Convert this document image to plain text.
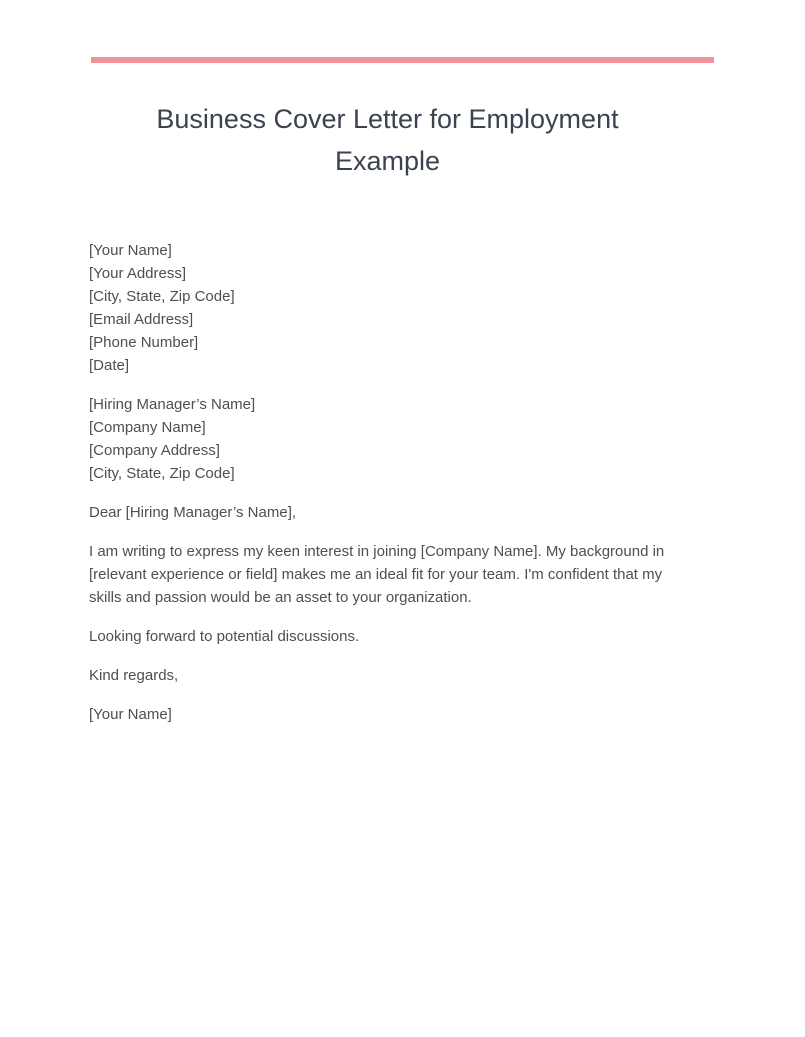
Business Cover Letter for Employment
Example

[Your Name]
[Your Address]
[City, State, Zip Code]
[Email Address]
[Phone Number]
[Date]

[Hiring Manager’s Name]
[Company Name]
[Company Address]
[City, State, Zip Code]

Dear [Hiring Manager’s Name],

I am writing to express my keen interest in joining [Company Name]. My background in [relevant experience or field] makes me an ideal fit for your team. I'm confident that my skills and passion would be an asset to your organization.

Looking forward to potential discussions.

Kind regards,

[Your Name]
